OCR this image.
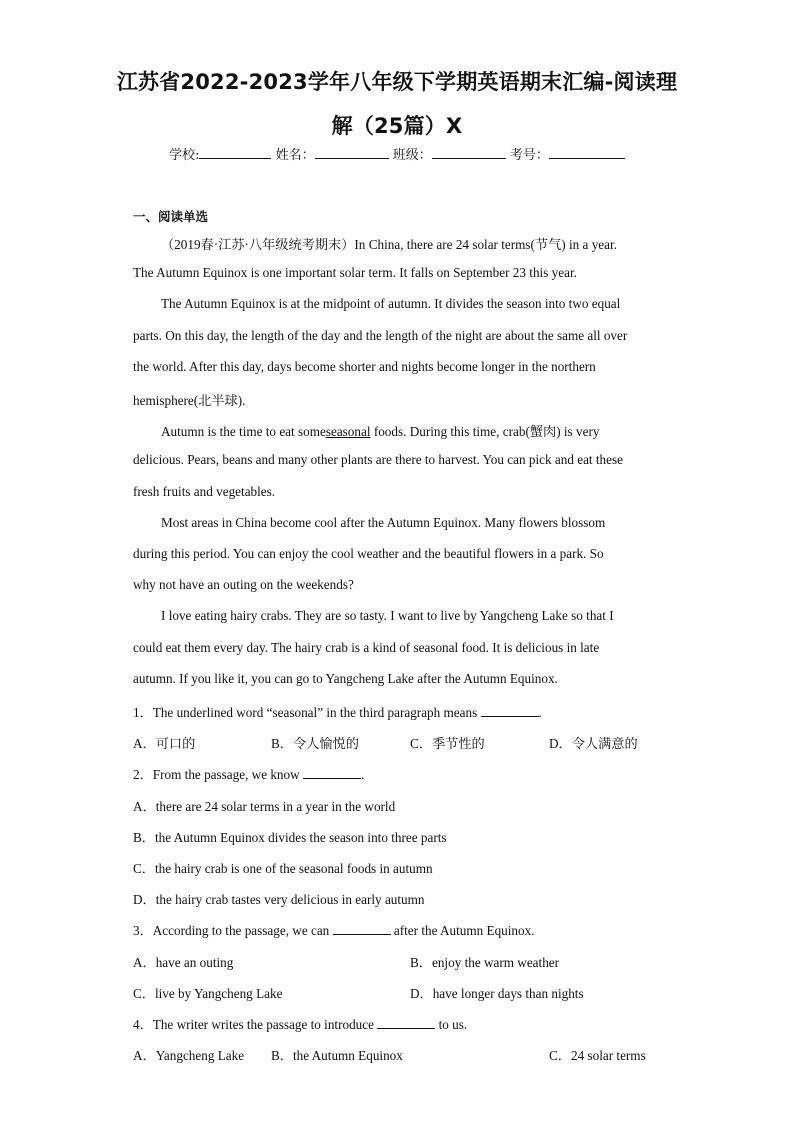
江苏省2022-2023学年八年级下学期英语期末汇编-阅读理
解（25篇）X
学校:	姓名：	班级：	考号：
一、阅读单选
（2019春·江苏·八年级统考期末）In China, there are 24 solar terms(节气) in a year.
The Autumn Equinox is one important solar term. It falls on September 23 this year.
The Autumn Equinox is at the midpoint of autumn. It divides the season into two equal
parts. On this day, the length of the day and the length of the night are about the same all over
the world. After this day, days become shorter and nights become longer in the northern
hemisphere(北半球).
Autumn is the time to eat someseasonal foods. During this time, crab(蟹肉) is very
delicious. Pears, beans and many other plants are there to harvest. You can pick and eat these
fresh fruits and vegetables.
Most areas in China become cool after the Autumn Equinox. Many flowers blossom
during this period. You can enjoy the cool weather and the beautiful flowers in a park. So
why not have an outing on the weekends?
I love eating hairy crabs. They are so tasty. I want to live by Yangcheng Lake so that I
could eat them every day. The hairy crab is a kind of seasonal food. It is delicious in late
autumn. If you like it, you can go to Yangcheng Lake after the Autumn Equinox.
1．The underlined word “seasonal” in the third paragraph means	.
A．可口的	B．令人愉悦的	C．季节性的	D．令人满意的
2．From the passage, we know	.
A．there are 24 solar terms in a year in the world
B．the Autumn Equinox divides the season into three parts
C．the hairy crab is one of the seasonal foods in autumn
D．the hairy crab tastes very delicious in early autumn
3．According to the passage, we can	after the Autumn Equinox.
A．have an outing	B．enjoy the warm weather
C．live by Yangcheng Lake	D．have longer days than nights
4．The writer writes the passage to introduce	to us.
A．Yangcheng Lake B．the Autumn Equinox	C．24 solar terms
